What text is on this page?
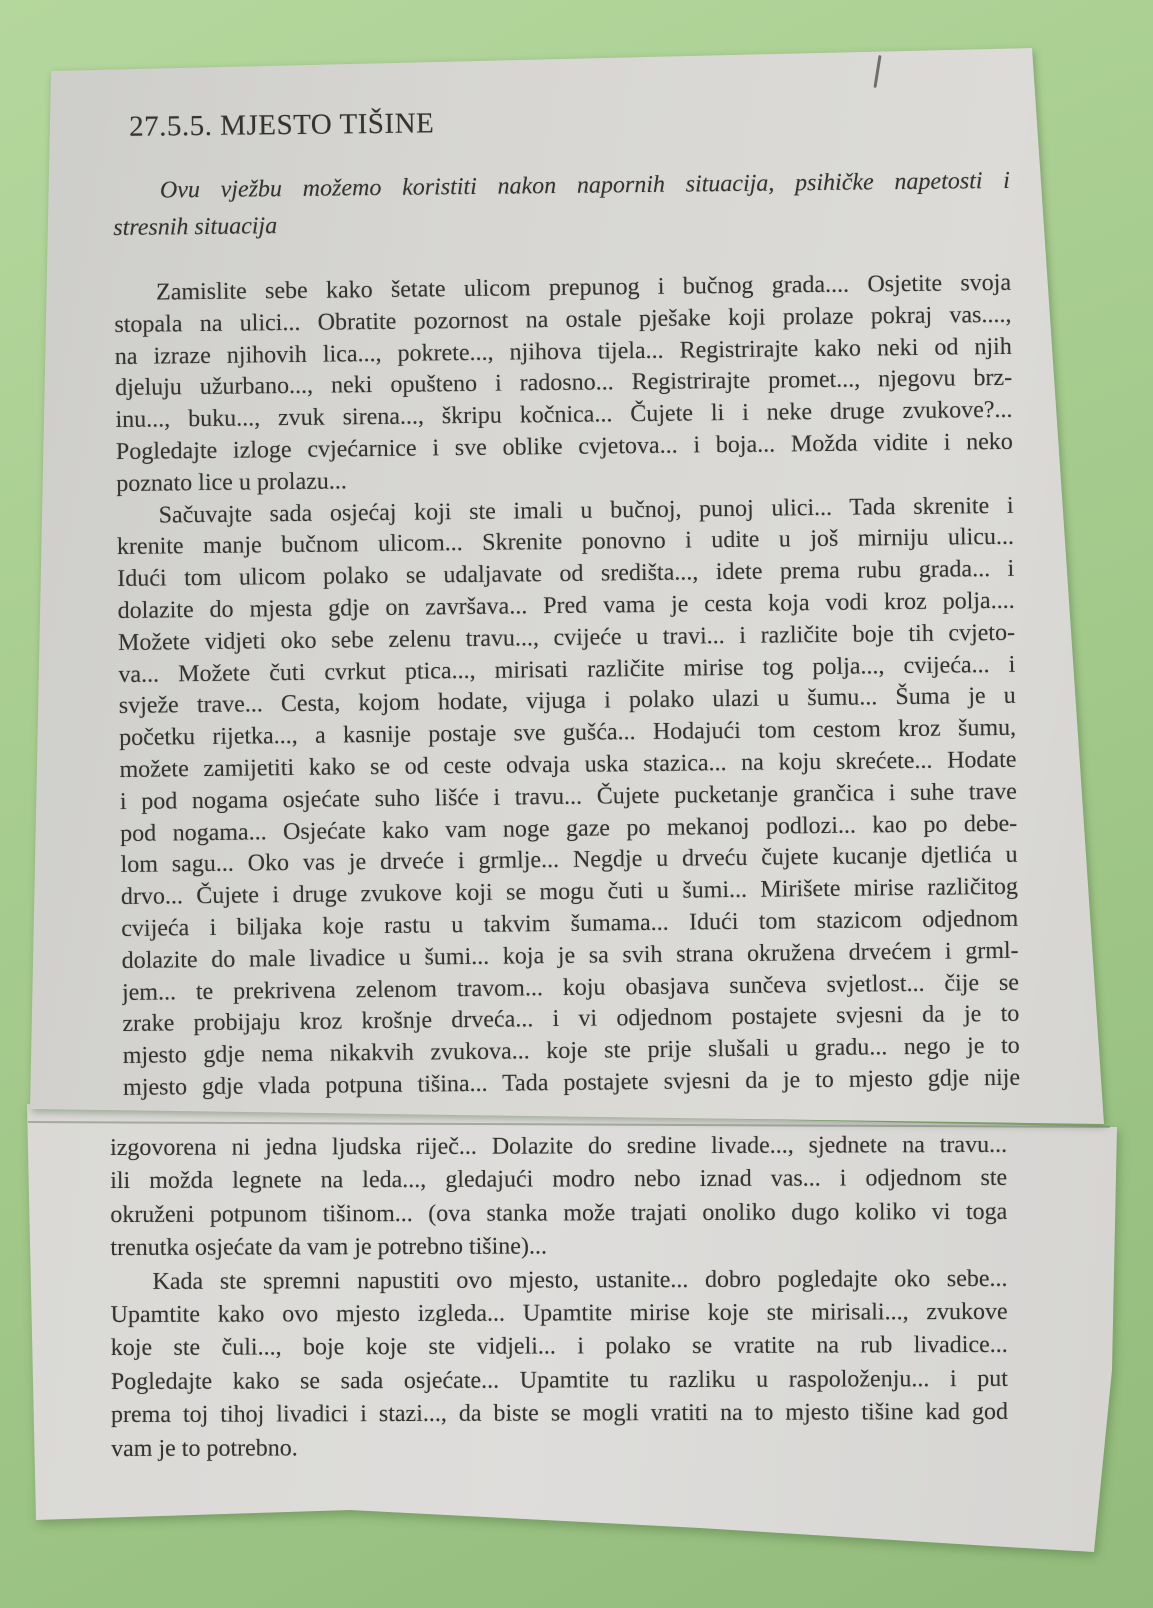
27.5.5. MJESTO TIŠINE
Ovu vježbu možemo koristiti nakon napornih situacija, psihičke napetosti i
stresnih situacija
Zamislite sebe kako šetate ulicom prepunog i bučnog grada.... Osjetite svoja
stopala na ulici... Obratite pozornost na ostale pješake koji prolaze pokraj vas....,
na izraze njihovih lica..., pokrete..., njihova tijela... Registrirajte kako neki od njih
djeluju užurbano..., neki opušteno i radosno... Registrirajte promet..., njegovu brz-
inu..., buku..., zvuk sirena..., škripu kočnica... Čujete li i neke druge zvukove?...
Pogledajte izloge cvjećarnice i sve oblike cvjetova... i boja... Možda vidite i neko
poznato lice u prolazu...
Sačuvajte sada osjećaj koji ste imali u bučnoj, punoj ulici... Tada skrenite i
krenite manje bučnom ulicom... Skrenite ponovno i udite u još mirniju ulicu...
Idući tom ulicom polako se udaljavate od središta..., idete prema rubu grada... i
dolazite do mjesta gdje on završava... Pred vama je cesta koja vodi kroz polja....
Možete vidjeti oko sebe zelenu travu..., cvijeće u travi... i različite boje tih cvjeto-
va... Možete čuti cvrkut ptica..., mirisati različite mirise tog polja..., cvijeća... i
svježe trave... Cesta, kojom hodate, vijuga i polako ulazi u šumu... Šuma je u
početku rijetka..., a kasnije postaje sve gušća... Hodajući tom cestom kroz šumu,
možete zamijetiti kako se od ceste odvaja uska stazica... na koju skrećete... Hodate
i pod nogama osjećate suho lišće i travu... Čujete pucketanje grančica i suhe trave
pod nogama... Osjećate kako vam noge gaze po mekanoj podlozi... kao po debe-
lom sagu... Oko vas je drveće i grmlje... Negdje u drveću čujete kucanje djetlića u
drvo... Čujete i druge zvukove koji se mogu čuti u šumi... Mirišete mirise različitog
cvijeća i biljaka koje rastu u takvim šumama... Idući tom stazicom odjednom
dolazite do male livadice u šumi... koja je sa svih strana okružena drvećem i grml-
jem... te prekrivena zelenom travom... koju obasjava sunčeva svjetlost... čije se
zrake probijaju kroz krošnje drveća... i vi odjednom postajete svjesni da je to
mjesto gdje nema nikakvih zvukova... koje ste prije slušali u gradu... nego je to
mjesto gdje vlada potpuna tišina... Tada postajete svjesni da je to mjesto gdje nije
izgovorena ni jedna ljudska riječ... Dolazite do sredine livade..., sjednete na travu...
ili možda legnete na leda..., gledajući modro nebo iznad vas... i odjednom ste
okruženi potpunom tišinom... (ova stanka može trajati onoliko dugo koliko vi toga
trenutka osjećate da vam je potrebno tišine)...
Kada ste spremni napustiti ovo mjesto, ustanite... dobro pogledajte oko sebe...
Upamtite kako ovo mjesto izgleda... Upamtite mirise koje ste mirisali..., zvukove
koje ste čuli..., boje koje ste vidjeli... i polako se vratite na rub livadice...
Pogledajte kako se sada osjećate... Upamtite tu razliku u raspoloženju... i put
prema toj tihoj livadici i stazi..., da biste se mogli vratiti na to mjesto tišine kad god
vam je to potrebno.
